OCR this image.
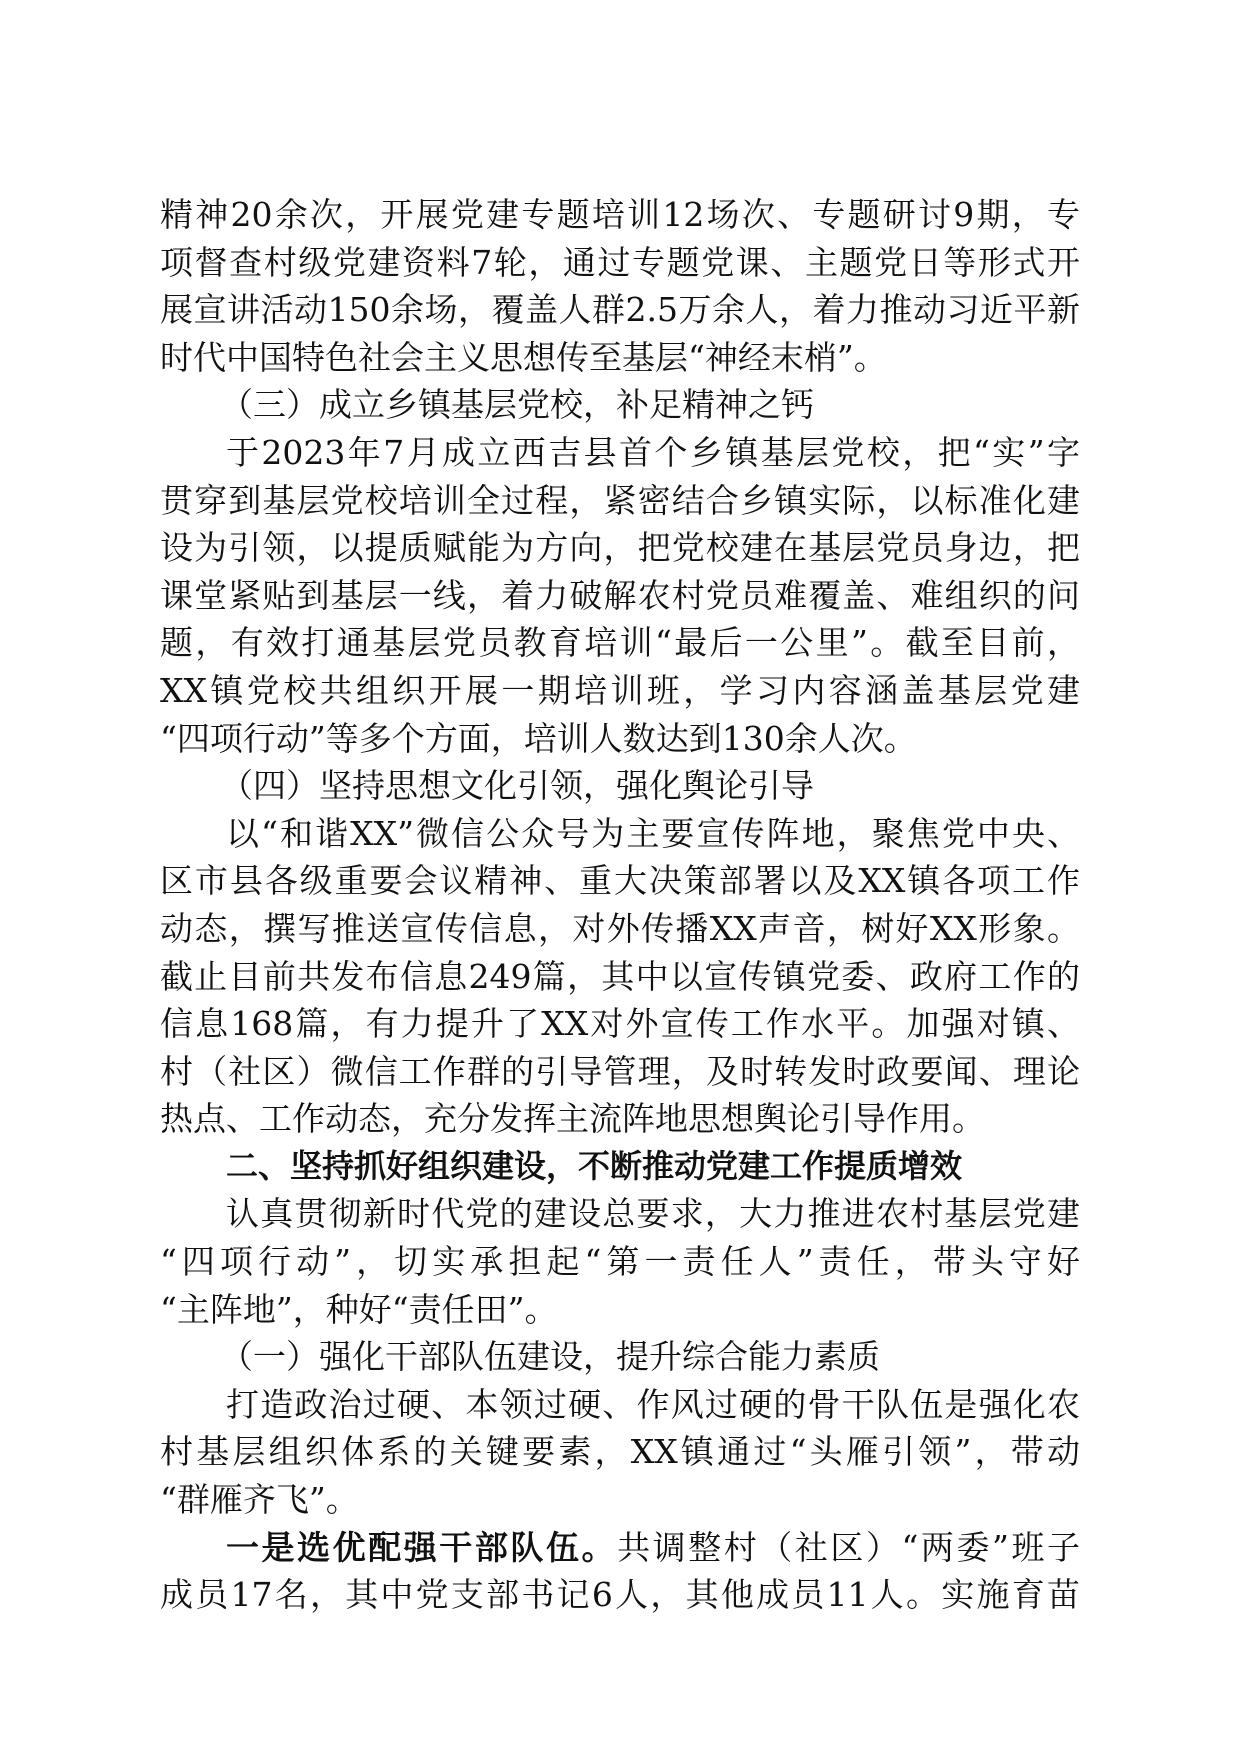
精神20余次，开展党建专题培训12场次、专题研讨9期，专
项督查村级党建资料7轮，通过专题党课、主题党日等形式开
展宣讲活动150余场，覆盖人群2.5万余人，着力推动习近平新
时代中国特色社会主义思想传至基层“神经末梢”。
（三）成立乡镇基层党校，补足精神之钙
于2023年7月成立西吉县首个乡镇基层党校，把“实”字
贯穿到基层党校培训全过程，紧密结合乡镇实际，以标准化建
设为引领，以提质赋能为方向，把党校建在基层党员身边，把
课堂紧贴到基层一线，着力破解农村党员难覆盖、难组织的问
题，有效打通基层党员教育培训“最后一公里”。截至目前，
XX镇党校共组织开展一期培训班，学习内容涵盖基层党建
“四项行动”等多个方面，培训人数达到130余人次。
（四）坚持思想文化引领，强化舆论引导
以“和谐XX”微信公众号为主要宣传阵地，聚焦党中央、
区市县各级重要会议精神、重大决策部署以及XX镇各项工作
动态，撰写推送宣传信息，对外传播XX声音，树好XX形象。
截止目前共发布信息249篇，其中以宣传镇党委、政府工作的
信息168篇，有力提升了XX对外宣传工作水平。加强对镇、
村（社区）微信工作群的引导管理，及时转发时政要闻、理论
热点、工作动态，充分发挥主流阵地思想舆论引导作用。
二、坚持抓好组织建设，不断推动党建工作提质增效
认真贯彻新时代党的建设总要求，大力推进农村基层党建
“四项行动”，切实承担起“第一责任人”责任，带头守好
“主阵地”，种好“责任田”。
（一）强化干部队伍建设，提升综合能力素质
打造政治过硬、本领过硬、作风过硬的骨干队伍是强化农
村基层组织体系的关键要素，XX镇通过“头雁引领”，带动
“群雁齐飞”。
一是选优配强干部队伍。共调整村（社区）“两委”班子
成员17名，其中党支部书记6人，其他成员11人。实施育苗
